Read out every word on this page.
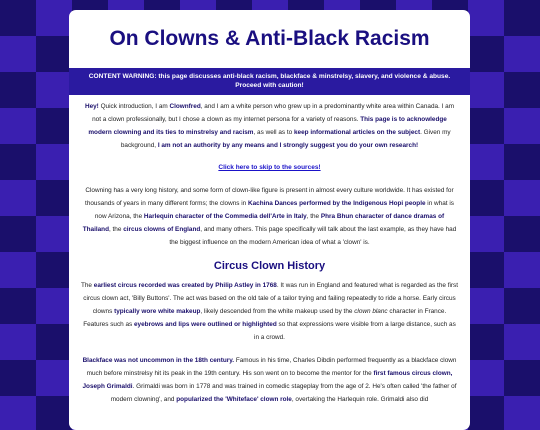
On Clowns & Anti-Black Racism
CONTENT WARNING: this page discusses anti-black racism, blackface & minstrelsy, slavery, and violence & abuse. Proceed with caution!

Hey! Quick introduction, I am Clownfred, and I am a white person who grew up in a predominantly white area within Canada. I am not a clown professionally, but I chose a clown as my internet persona for a variety of reasons. This page is to acknowledge modern clowning and its ties to minstrelsy and racism, as well as to keep informational articles on the subject. Given my background, I am not an authority by any means and I strongly suggest you do your own research!

Click here to skip to the sources!

Clowning has a very long history, and some form of clown-like figure is present in almost every culture worldwide. It has existed for thousands of years in many different forms; the clowns in Kachina Dances performed by the Indigenous Hopi people in what is now Arizona, the Harlequin character of the Commedia dell'Arte in Italy, the Phra Bhun character of dance dramas of Thailand, the circus clowns of England, and many others. This page specifically will talk about the last example, as they have had the biggest influence on the modern American idea of what a 'clown' is.

Circus Clown History

The earliest circus recorded was created by Philip Astley in 1768. It was run in England and featured what is regarded as the first circus clown act, 'Billy Buttons'. The act was based on the old tale of a tailor trying and failing repeatedly to ride a horse. Early circus clowns typically wore white makeup, likely descended from the white makeup used by the clown blanc character in France. Features such as eyebrows and lips were outlined or highlighted so that expressions were visible from a large distance, such as in a crowd.

Blackface was not uncommon in the 18th century. Famous in his time, Charles Dibdin performed frequently as a blackface clown much before minstrelsy hit its peak in the 19th century. His son went on to become the mentor for the first famous circus clown, Joseph Grimaldi. Grimaldi was born in 1778 and was trained in comedic stageplay from the age of 2. He's often called 'the father of modern clowning', and popularized the 'Whiteface' clown role, overtaking the Harlequin role. Grimaldi also did
